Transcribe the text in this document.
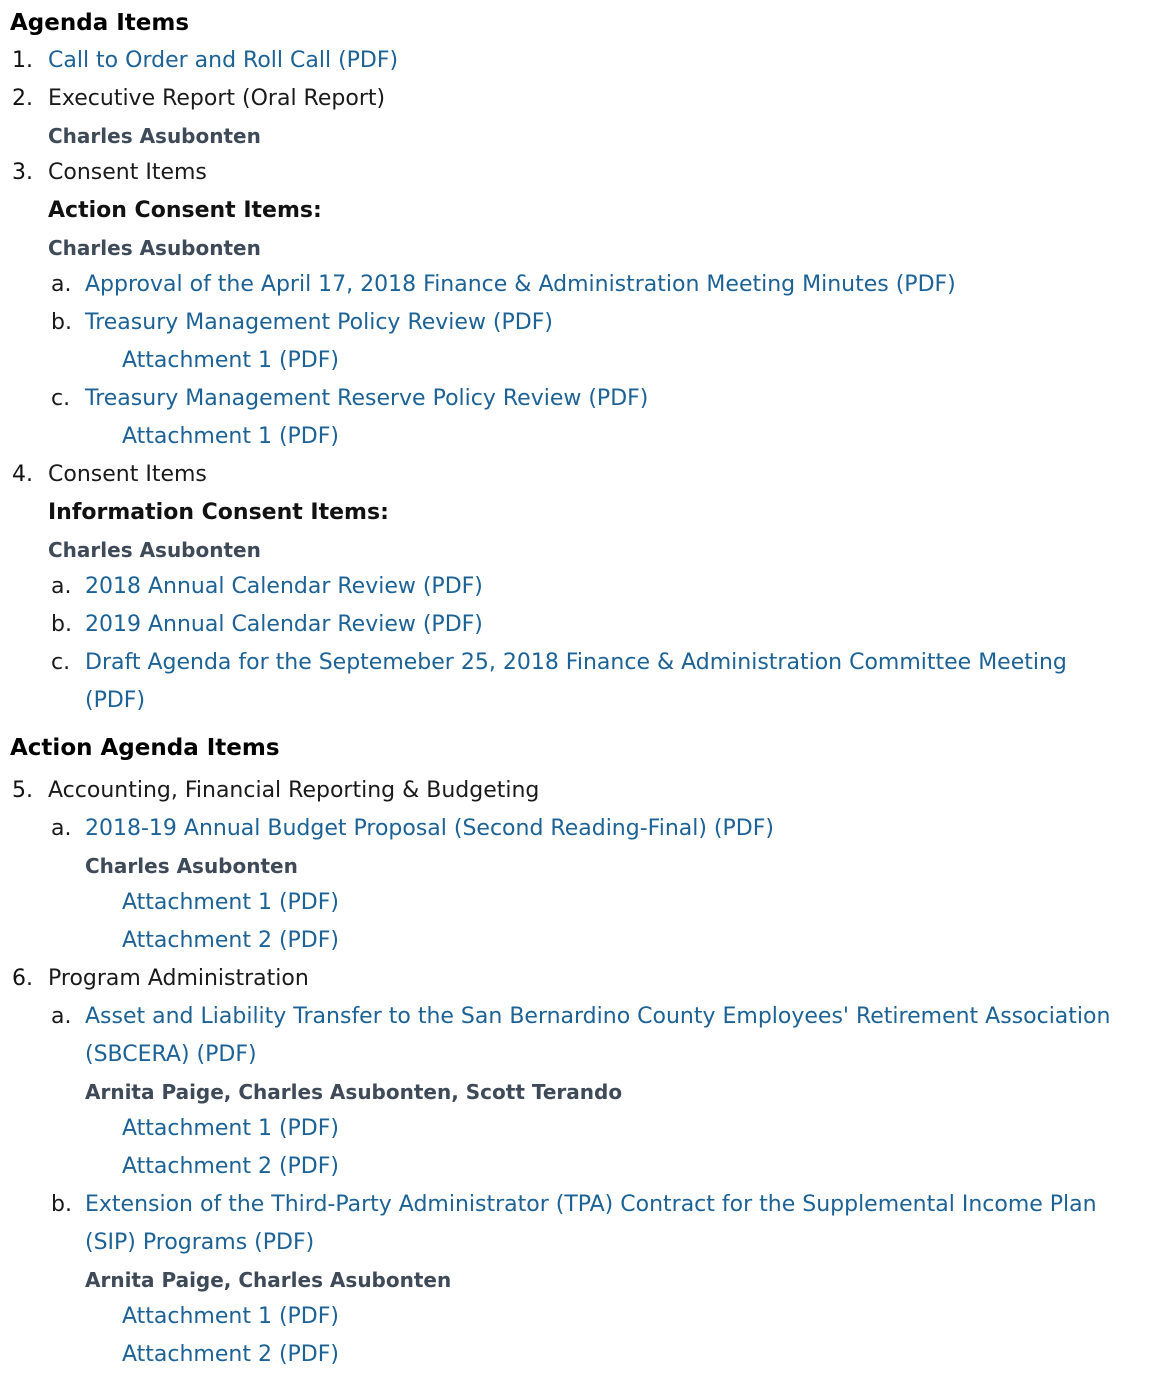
Agenda Items
1. Call to Order and Roll Call (PDF)
2. Executive Report (Oral Report)
Charles Asubonten
3. Consent Items
Action Consent Items:
Charles Asubonten
a. Approval of the April 17, 2018 Finance & Administration Meeting Minutes (PDF)
b. Treasury Management Policy Review (PDF)
Attachment 1 (PDF)
c. Treasury Management Reserve Policy Review (PDF)
Attachment 1 (PDF)
4. Consent Items
Information Consent Items:
Charles Asubonten
a. 2018 Annual Calendar Review (PDF)
b. 2019 Annual Calendar Review (PDF)
c. Draft Agenda for the Septemeber 25, 2018 Finance & Administration Committee Meeting
(PDF)
Action Agenda Items
5. Accounting, Financial Reporting & Budgeting
a. 2018-19 Annual Budget Proposal (Second Reading-Final) (PDF)
Charles Asubonten
Attachment 1 (PDF)
Attachment 2 (PDF)
6. Program Administration
a. Asset and Liability Transfer to the San Bernardino County Employees' Retirement Association
(SBCERA) (PDF)
Arnita Paige, Charles Asubonten, Scott Terando
Attachment 1 (PDF)
Attachment 2 (PDF)
b. Extension of the Third-Party Administrator (TPA) Contract for the Supplemental Income Plan
(SIP) Programs (PDF)
Arnita Paige, Charles Asubonten
Attachment 1 (PDF)
Attachment 2 (PDF)
